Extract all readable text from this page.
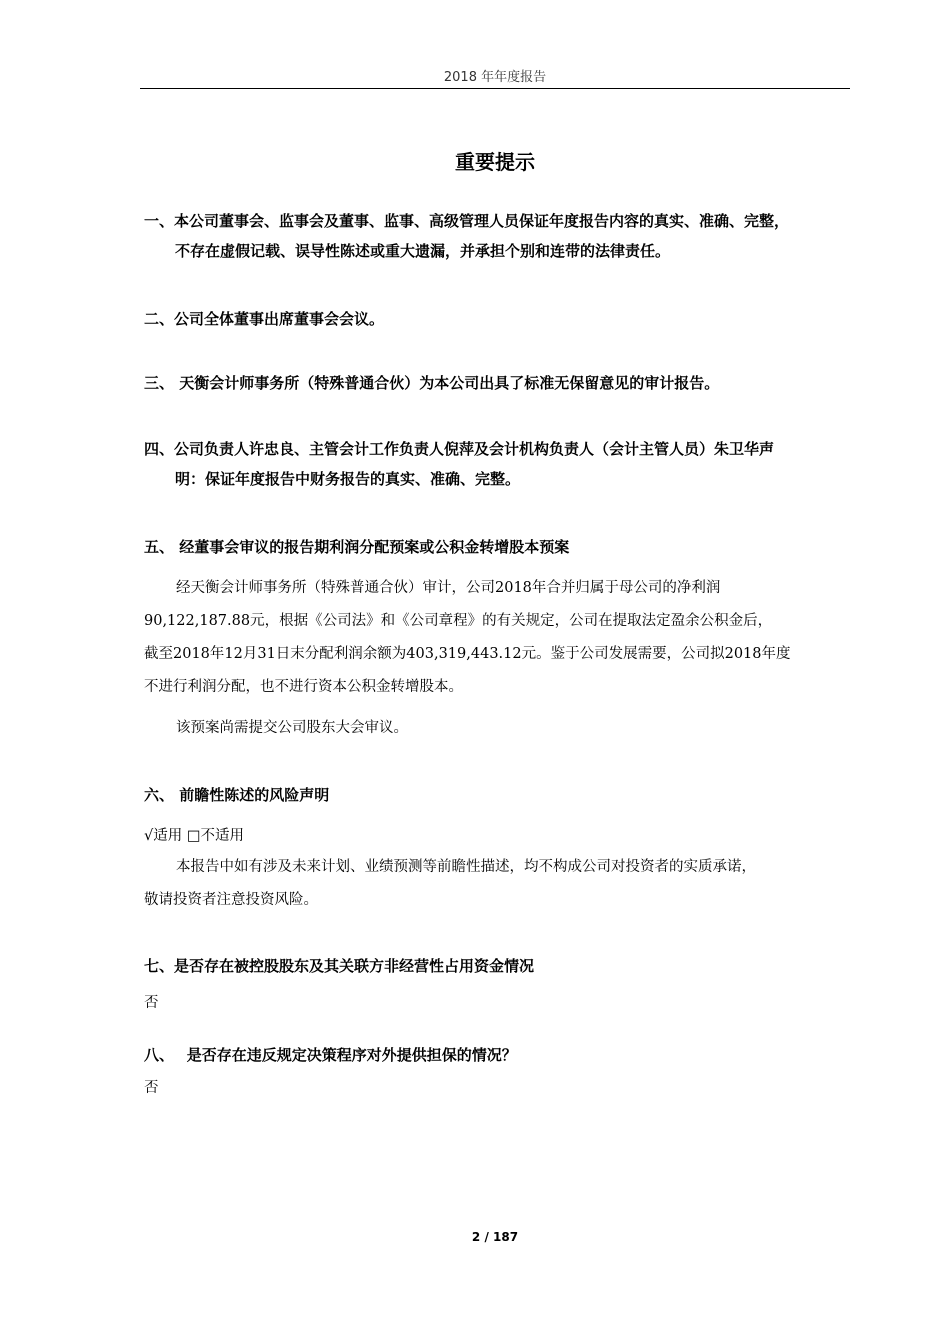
2018 年年度报告
重要提示
一、本公司董事会、监事会及董事、监事、高级管理人员保证年度报告内容的真实、准确、完整，
不存在虚假记载、误导性陈述或重大遗漏，并承担个别和连带的法律责任。
二、公司全体董事出席董事会会议。
三、 天衡会计师事务所（特殊普通合伙）为本公司出具了标准无保留意见的审计报告。
四、公司负责人许忠良、主管会计工作负责人倪萍及会计机构负责人（会计主管人员）朱卫华声
明：保证年度报告中财务报告的真实、准确、完整。
五、 经董事会审议的报告期利润分配预案或公积金转增股本预案
经天衡会计师事务所（特殊普通合伙）审计，公司2018年合并归属于母公司的净利润
90,122,187.88元，根据《公司法》和《公司章程》的有关规定，公司在提取法定盈余公积金后，
截至2018年12月31日末分配利润余额为403,319,443.12元。鉴于公司发展需要，公司拟2018年度
不进行利润分配，也不进行资本公积金转增股本。
该预案尚需提交公司股东大会审议。
六、 前瞻性陈述的风险声明
√适用 □不适用
本报告中如有涉及未来计划、业绩预测等前瞻性描述，均不构成公司对投资者的实质承诺，
敬请投资者注意投资风险。
七、是否存在被控股股东及其关联方非经营性占用资金情况
否
八、　 是否存在违反规定决策程序对外提供担保的情况？
否
2 / 187
